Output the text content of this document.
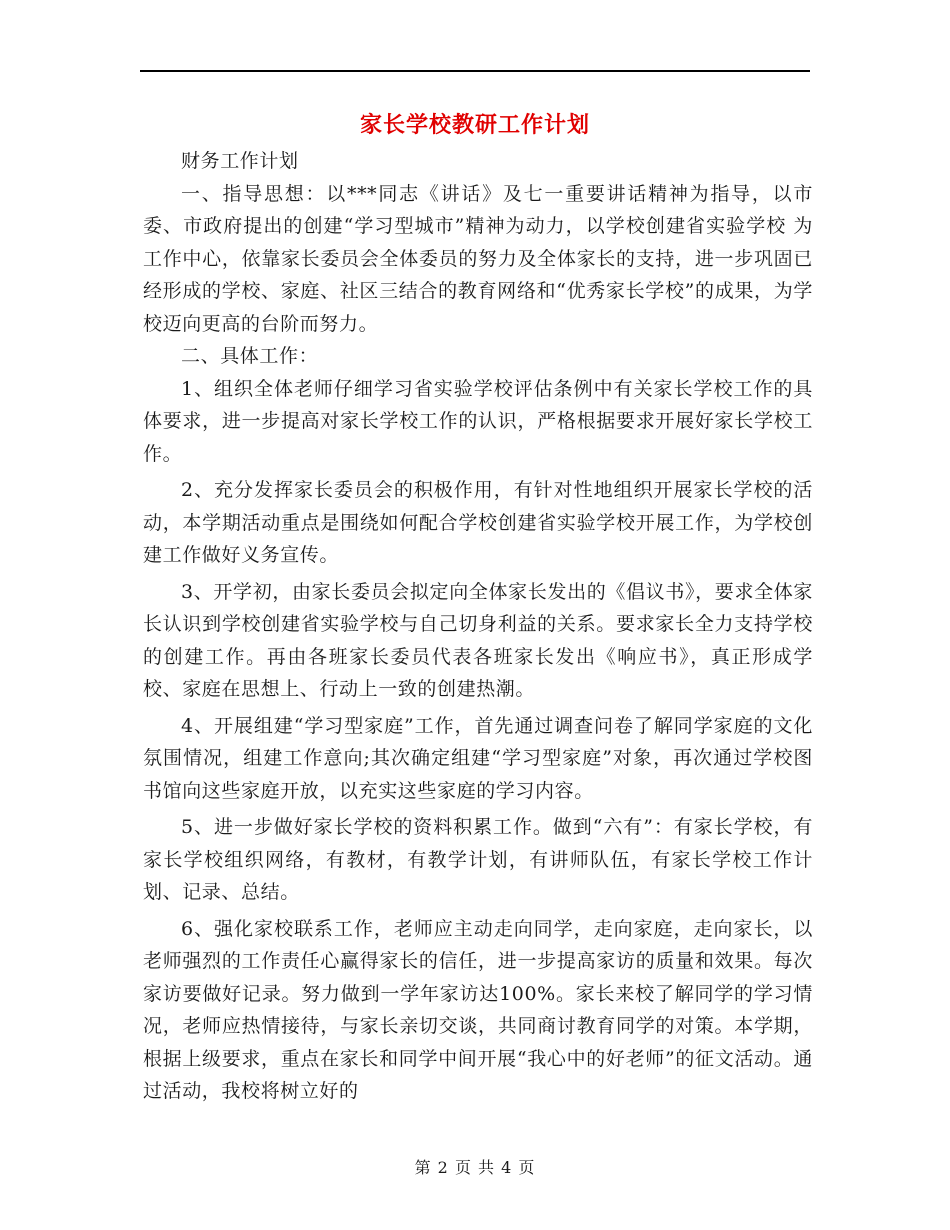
家长学校教研工作计划

财务工作计划

一、指导思想：以***同志《讲话》及七一重要讲话精神为指导，以市委、市政府提出的创建“学习型城市”精神为动力，以学校创建省实验学校 为工作中心，依靠家长委员会全体委员的努力及全体家长的支持，进一步巩固已经形成的学校、家庭、社区三结合的教育网络和“优秀家长学校”的成果，为学校迈向更高的台阶而努力。

二、具体工作：

1、组织全体老师仔细学习省实验学校评估条例中有关家长学校工作的具体要求，进一步提高对家长学校工作的认识，严格根据要求开展好家长学校工作。

2、充分发挥家长委员会的积极作用，有针对性地组织开展家长学校的活动，本学期活动重点是围绕如何配合学校创建省实验学校开展工作，为学校创建工作做好义务宣传。

3、开学初，由家长委员会拟定向全体家长发出的《倡议书》，要求全体家长认识到学校创建省实验学校与自己切身利益的关系。要求家长全力支持学校的创建工作。再由各班家长委员代表各班家长发出《响应书》，真正形成学校、家庭在思想上、行动上一致的创建热潮。

4、开展组建“学习型家庭”工作，首先通过调查问卷了解同学家庭的文化氛围情况，组建工作意向;其次确定组建“学习型家庭”对象，再次通过学校图书馆向这些家庭开放，以充实这些家庭的学习内容。

5、进一步做好家长学校的资料积累工作。做到“六有”：有家长学校，有家长学校组织网络，有教材，有教学计划，有讲师队伍，有家长学校工作计划、记录、总结。

6、强化家校联系工作，老师应主动走向同学，走向家庭，走向家长，以老师强烈的工作责任心赢得家长的信任，进一步提高家访的质量和效果。每次家访要做好记录。努力做到一学年家访达100%。家长来校了解同学的学习情况，老师应热情接待，与家长亲切交谈，共同商讨教育同学的对策。本学期，根据上级要求，重点在家长和同学中间开展“我心中的好老师”的征文活动。通过活动，我校将树立好的

第 2 页 共 4 页
